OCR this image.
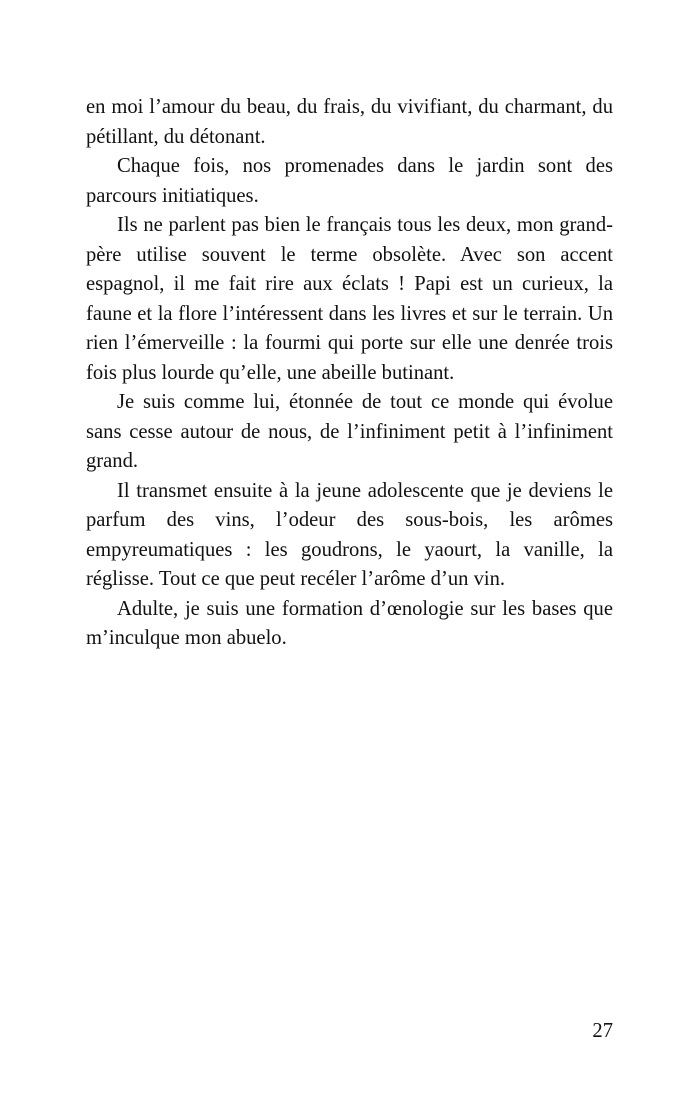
en moi l’amour du beau, du frais, du vivifiant, du charmant, du pétillant, du détonant.

Chaque fois, nos promenades dans le jardin sont des parcours initiatiques.

Ils ne parlent pas bien le français tous les deux, mon grand-père utilise souvent le terme obsolète. Avec son accent espagnol, il me fait rire aux éclats ! Papi est un curieux, la faune et la flore l’intéressent dans les livres et sur le terrain. Un rien l’émerveille : la fourmi qui porte sur elle une denrée trois fois plus lourde qu’elle, une abeille butinant.

Je suis comme lui, étonnée de tout ce monde qui évolue sans cesse autour de nous, de l’infiniment petit à l’infiniment grand.

Il transmet ensuite à la jeune adolescente que je deviens le parfum des vins, l’odeur des sous-bois, les arômes empyreumatiques : les goudrons, le yaourt, la vanille, la réglisse. Tout ce que peut recéler l’arôme d’un vin.

Adulte, je suis une formation d’œnologie sur les bases que m’inculque mon abuelo.

27
